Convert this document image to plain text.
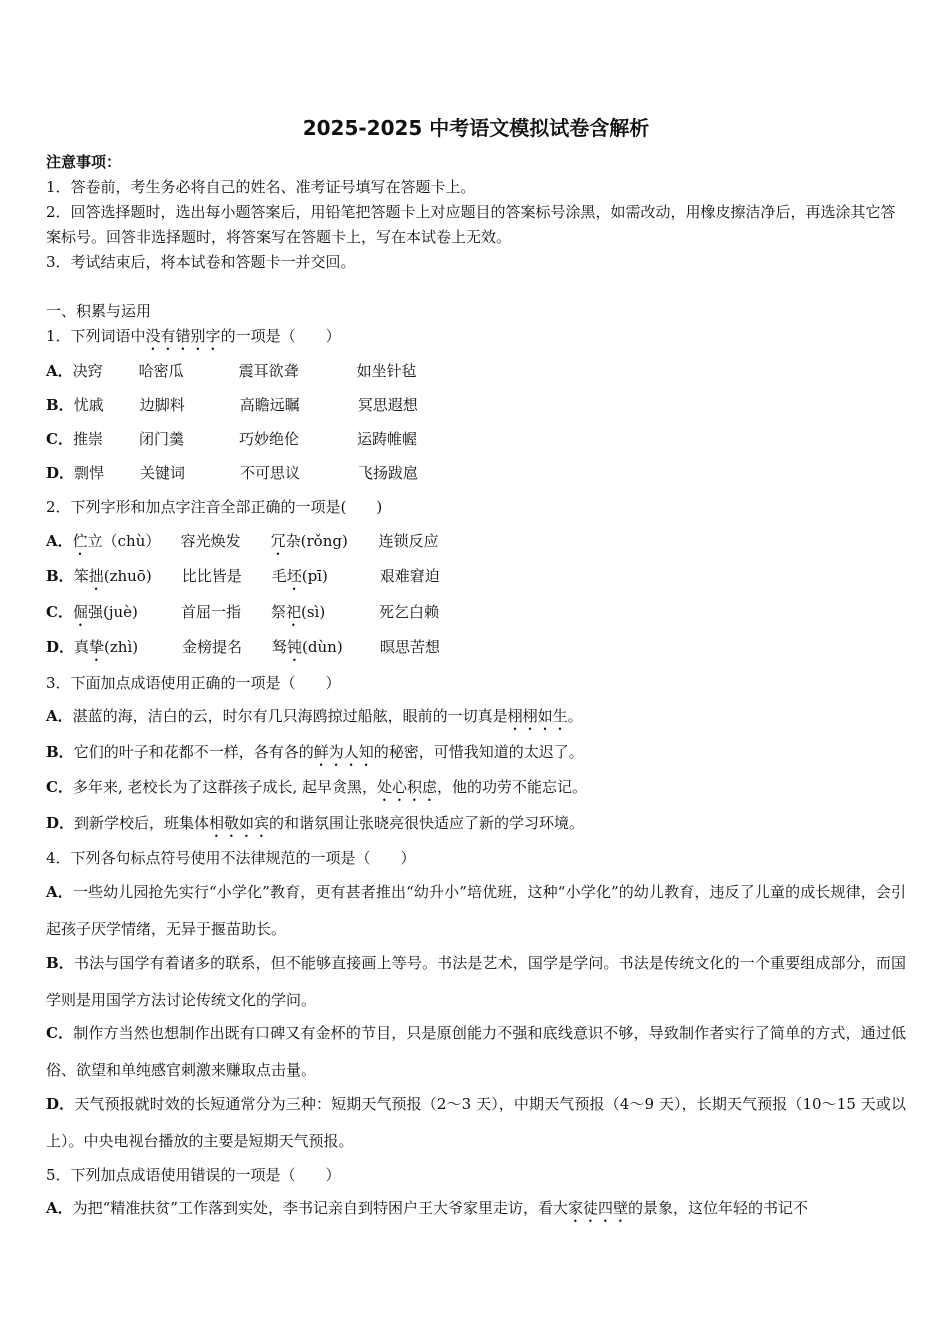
2025-2025 中考语文模拟试卷含解析
注意事项：
1．答卷前，考生务必将自己的姓名、准考证号填写在答题卡上。
2．回答选择题时，选出每小题答案后，用铅笔把答题卡上对应题目的答案标号涂黑，如需改动，用橡皮擦洁净后，再选涂其它答案标号。回答非选择题时，将答案写在答题卡上，写在本试卷上无效。
3．考试结束后，将本试卷和答题卡一并交回。
一、积累与运用
1．下列词语中没有错别字的一项是（　　）
A．决窍 哈密瓜	震耳欲聋	如坐针毡
B．忧戚 边脚料	高瞻远瞩	冥思遐想
C．推崇 闭门羹	巧妙绝伦	运踌帷幄
D．剽悍 关键词	不可思议	飞扬跋扈
2．下列字形和加点字注音全部正确的一项是(　　)
A．伫立（chù） 容光焕发 冗杂(rǒng) 连锁反应
B．笨拙(zhuō) 比比皆是 毛坯(pī)	艰难窘迫
C．倔强(juè)	首屈一指 祭祀(sì)	死乞白赖
D．真挚(zhì)	金榜提名 驽钝(dùn) 暝思苦想
3．下面加点成语使用正确的一项是（　　）
A．湛蓝的海，洁白的云，时尔有几只海鸥掠过船舷，眼前的一切真是栩栩如生。
B．它们的叶子和花都不一样，各有各的鲜为人知的秘密，可惜我知道的太迟了。
C．多年来, 老校长为了这群孩子成长, 起早贪黑，处心积虑，他的功劳不能忘记。
D．到新学校后，班集体相敬如宾的和谐氛围让张晓亮很快适应了新的学习环境。
4．下列各句标点符号使用不法律规范的一项是（　　）
A．一些幼儿园抢先实行“小学化”教育，更有甚者推出“幼升小”培优班，这种“小学化”的幼儿教育，违反了儿童的成长规律，会引起孩子厌学情绪，无异于揠苗助长。
B．书法与国学有着诸多的联系，但不能够直接画上等号。书法是艺术，国学是学问。书法是传统文化的一个重要组成部分，而国学则是用国学方法讨论传统文化的学问。
C．制作方当然也想制作出既有口碑又有金杯的节目，只是原创能力不强和底线意识不够，导致制作者实行了简单的方式，通过低俗、欲望和单纯感官刺激来赚取点击量。
D．天气预报就时效的长短通常分为三种：短期天气预报（2～3 天），中期天气预报（4～9 天），长期天气预报（10～15 天或以上）。中央电视台播放的主要是短期天气预报。
5．下列加点成语使用错误的一项是（　　）
A．为把“精准扶贫”工作落到实处，李书记亲自到特困户王大爷家里走访，看大家徒四壁的景象，这位年轻的书记不
